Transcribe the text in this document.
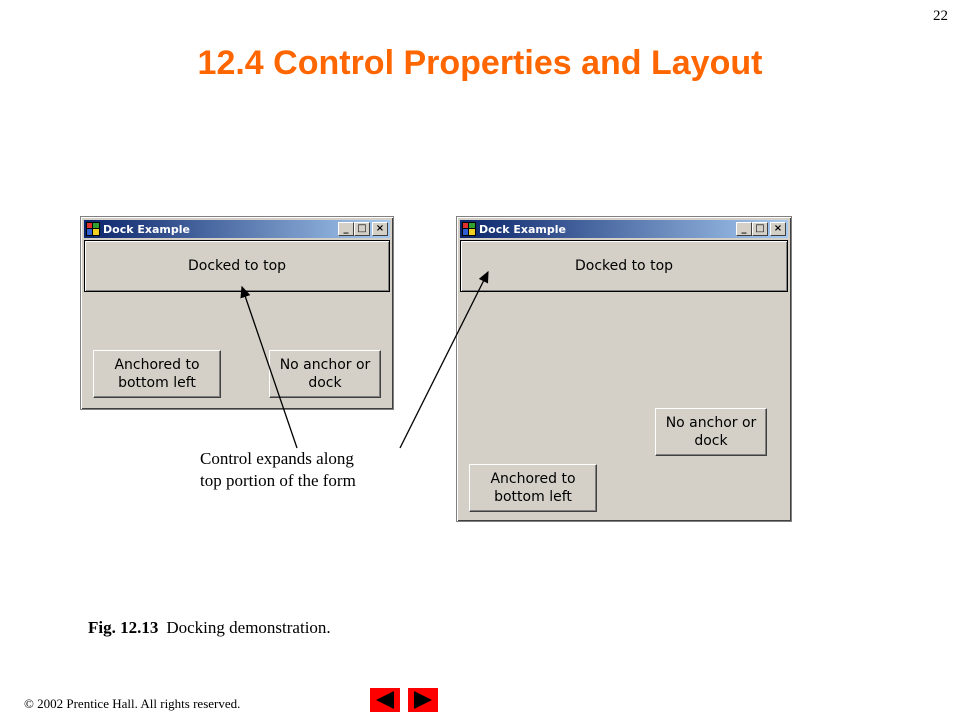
22
12.4 Control Properties and Layout
Dock Example	_ □ ×
Docked to top
Anchored to
bottom left
No anchor or
dock
Dock Example	_ □ ×
Docked to top
No anchor or
dock
Anchored to
bottom left
Control expands along
top portion of the form
Fig. 12.13 Docking demonstration.
© 2002 Prentice Hall. All rights reserved.
